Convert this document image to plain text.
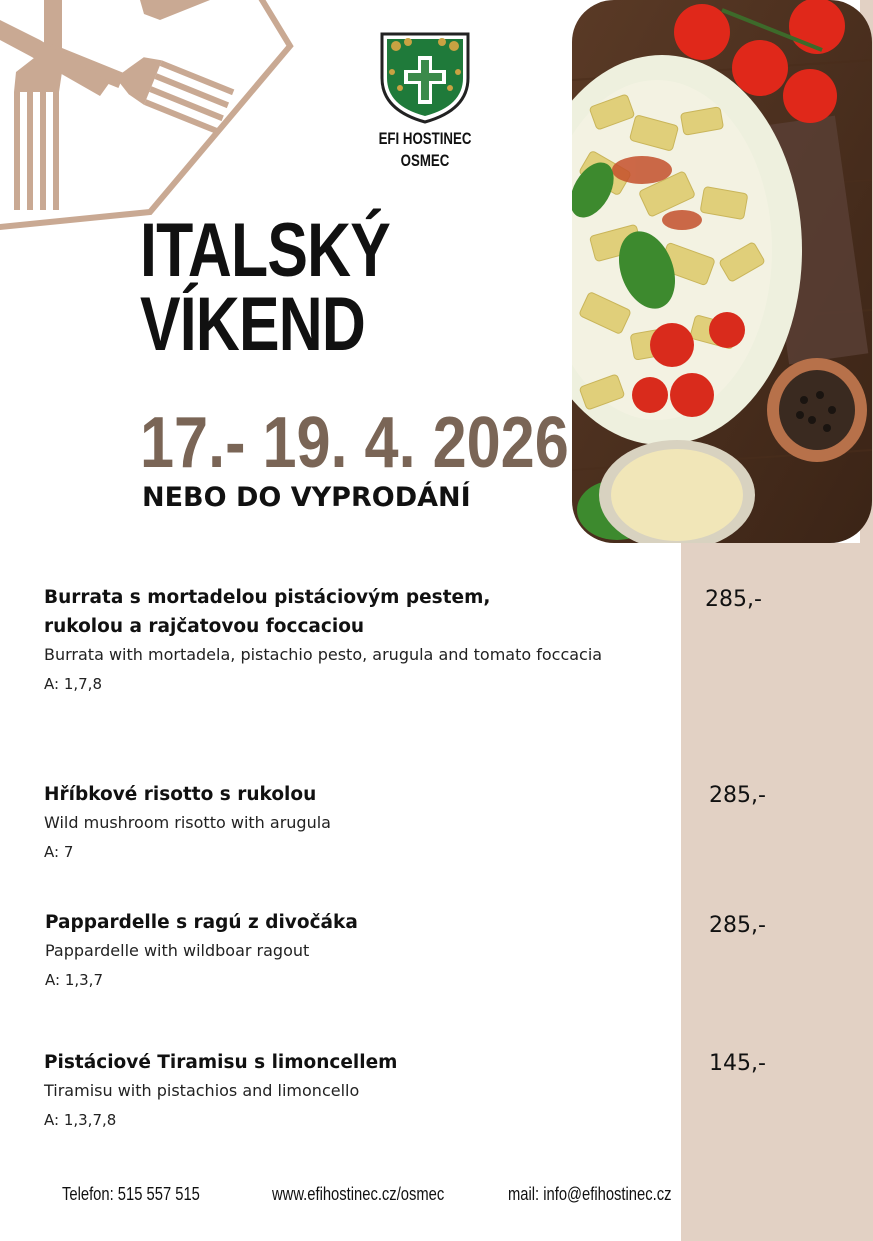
EFI HOSTINEC
OSMEC
ITALSKÝ
VÍKEND
17.- 19. 4. 2026
NEBO DO VYPRODÁNÍ
Burrata s mortadelou pistáciovým pestem,
rukolou a rajčatovou foccaciou
Burrata with mortadela, pistachio pesto, arugula and tomato foccacia
A: 1,7,8
285,-
Hříbkové risotto s rukolou
Wild mushroom risotto with arugula
A: 7
285,-
Pappardelle s ragú z divočáka
Pappardelle with wildboar ragout
A: 1,3,7
285,-
Pistáciové Tiramisu s limoncellem
Tiramisu with pistachios and limoncello
A: 1,3,7,8
145,-
Telefon: 515 557 515	www.efihostinec.cz/osmec	mail: info@efihostinec.cz
